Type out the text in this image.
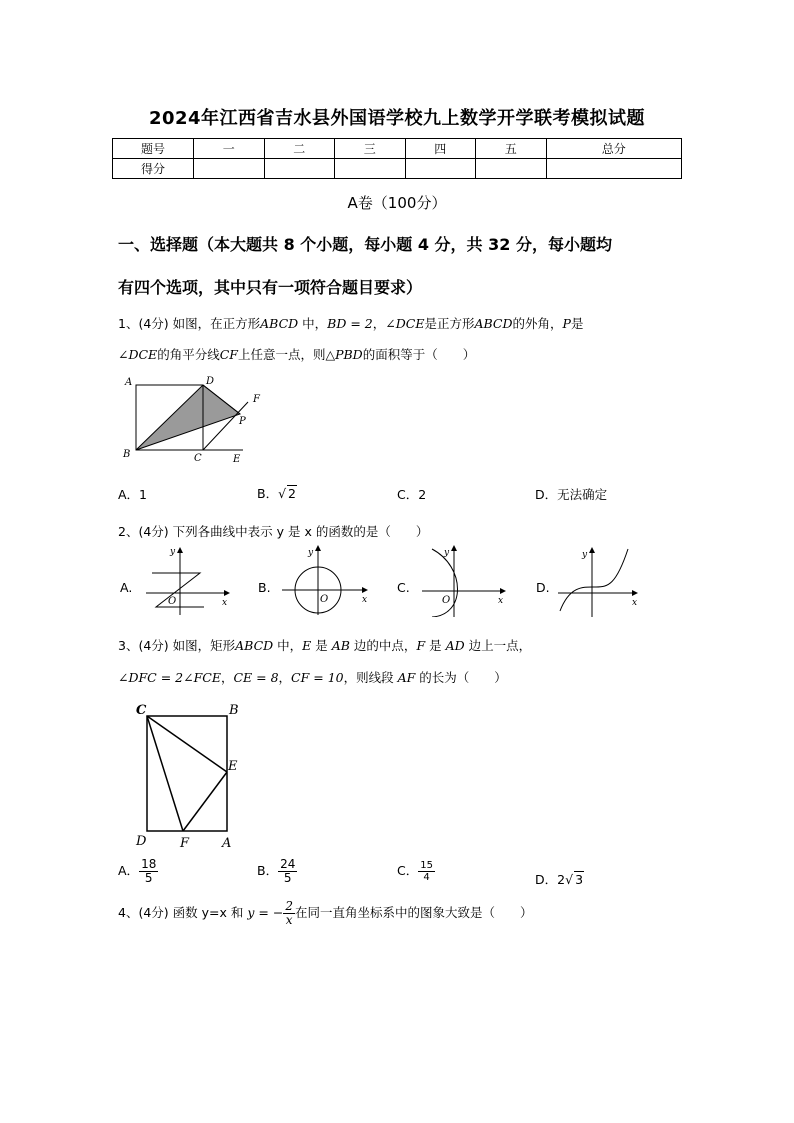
2024年江西省吉水县外国语学校九上数学开学联考模拟试题
题号	一	二	三	四	五	总分
得分						
A卷（100分）
一、选择题（本大题共 8 个小题，每小题 4 分，共 32 分，每小题均
有四个选项，其中只有一项符合题目要求）
1、(4分) 如图，在正方形ABCD 中，BD = 2，∠DCE是正方形ABCD的外角，P是
∠DCE的角平分线CF上任意一点，则△PBD的面积等于（　　）
A
B	C
D
E
F
P
A．1	B．√ 2	C．2	D．无法确定
2、(4分) 下列各曲线中表示 y 是 x 的函数的是（　　）
A.
O	x
y
B.
O	x
y
C.
O	x
y
D.
x
y
3、(4分) 如图，矩形ABCD 中，E 是 AB 边的中点，F 是 AD 边上一点，
∠DFC = 2∠FCE，CE = 8，CF = 10，则线段 AF 的长为（　　）
C	B
E
D	F	A
A． $\frac{18}{5}$	B． $\frac{24}{5}$	C． $\frac{15}{4}$	D．2√ 3
4、(4分) 函数 y=x 和 y = − $\frac{2}{x}$ 在同一直角坐标系中的图象大致是（　　）
